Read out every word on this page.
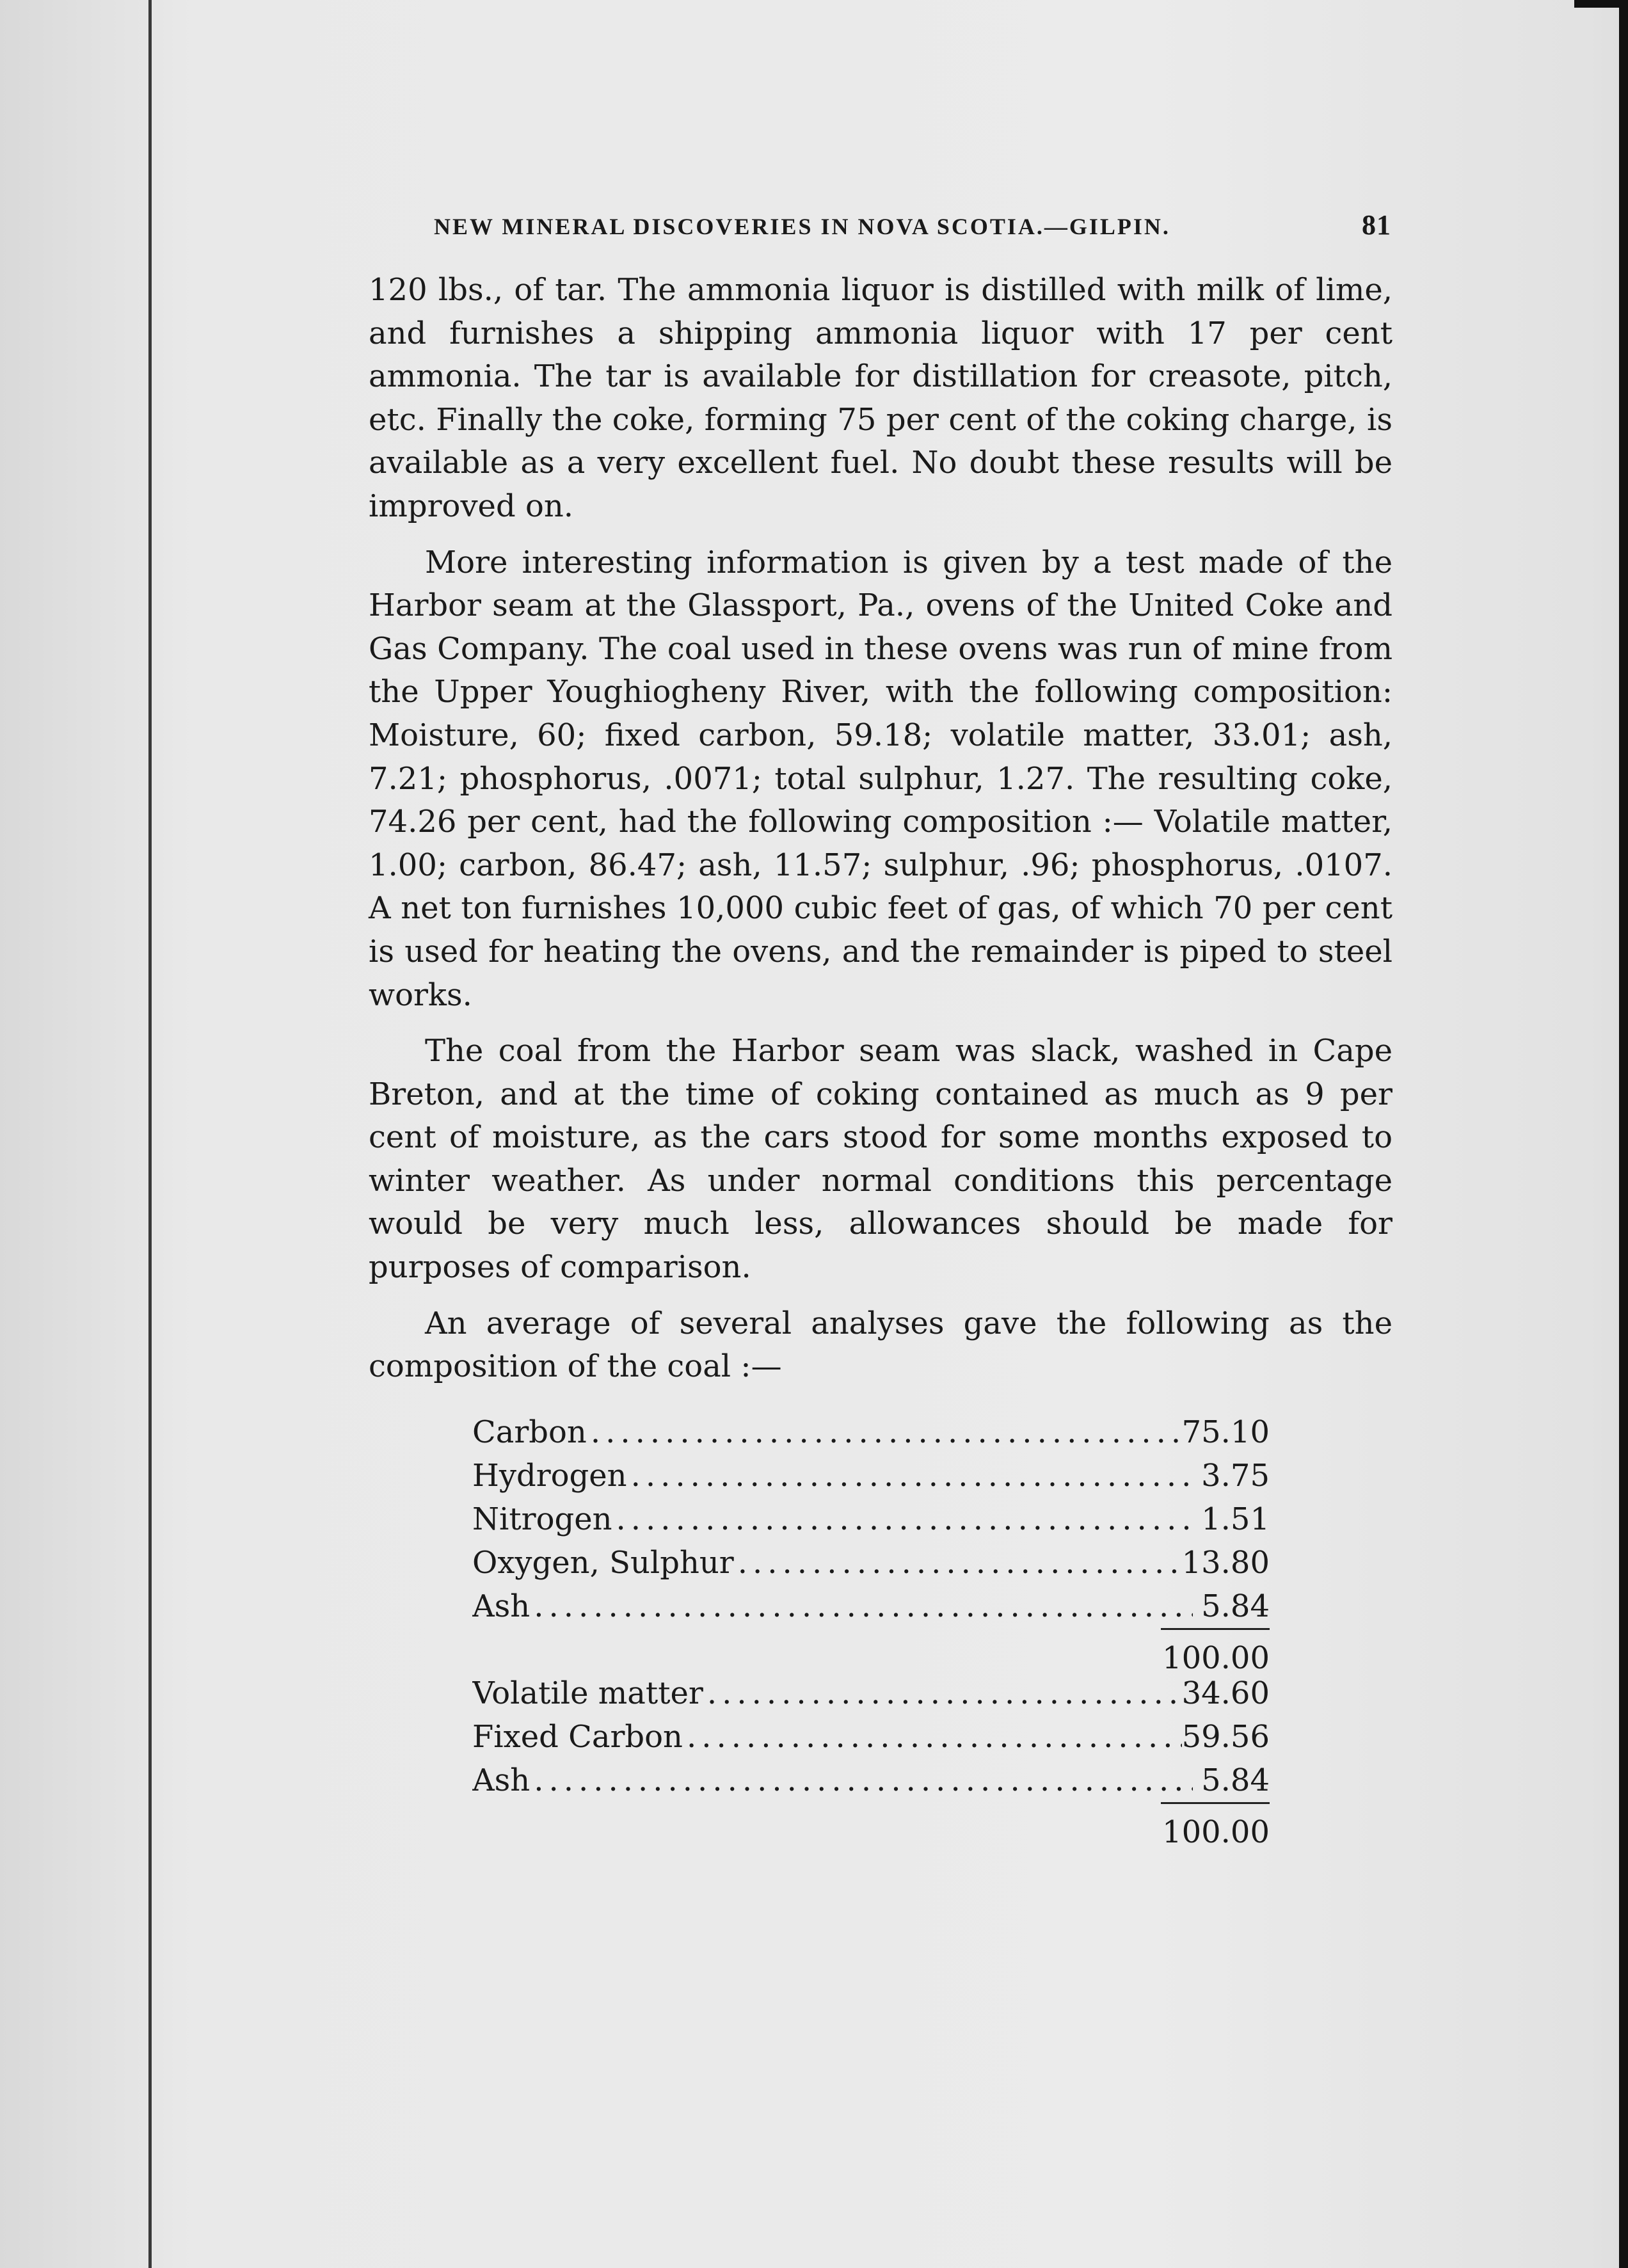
NEW MINERAL DISCOVERIES IN NOVA SCOTIA.—GILPIN.	81

120 lbs., of tar. The ammonia liquor is distilled with milk of lime, and furnishes a shipping ammonia liquor with 17 per cent ammonia. The tar is available for distillation for creasote, pitch, etc. Finally the coke, forming 75 per cent of the coking charge, is available as a very excellent fuel. No doubt these results will be improved on.

More interesting information is given by a test made of the Harbor seam at the Glassport, Pa., ovens of the United Coke and Gas Company. The coal used in these ovens was run of mine from the Upper Youghiogheny River, with the following composition: Moisture, 60; fixed carbon, 59.18; volatile matter, 33.01; ash, 7.21; phosphorus, .0071; total sulphur, 1.27. The resulting coke, 74.26 per cent, had the following composition :— Volatile matter, 1.00; carbon, 86.47; ash, 11.57; sulphur, .96; phosphorus, .0107. A net ton furnishes 10,000 cubic feet of gas, of which 70 per cent is used for heating the ovens, and the remainder is piped to steel works.

The coal from the Harbor seam was slack, washed in Cape Breton, and at the time of coking contained as much as 9 per cent of moisture, as the cars stood for some months exposed to winter weather. As under normal conditions this percentage would be very much less, allowances should be made for purposes of comparison.

An average of several analyses gave the following as the composition of the coal :—

Carbon .....	75.10
Hydrogen .....	3.75
Nitrogen .....	1.51
Oxygen, Sulphur .....	13.80
Ash .....	5.84
100.00
Volatile matter .....	34.60
Fixed Carbon .....	59.56
Ash .....	5.84
100.00
